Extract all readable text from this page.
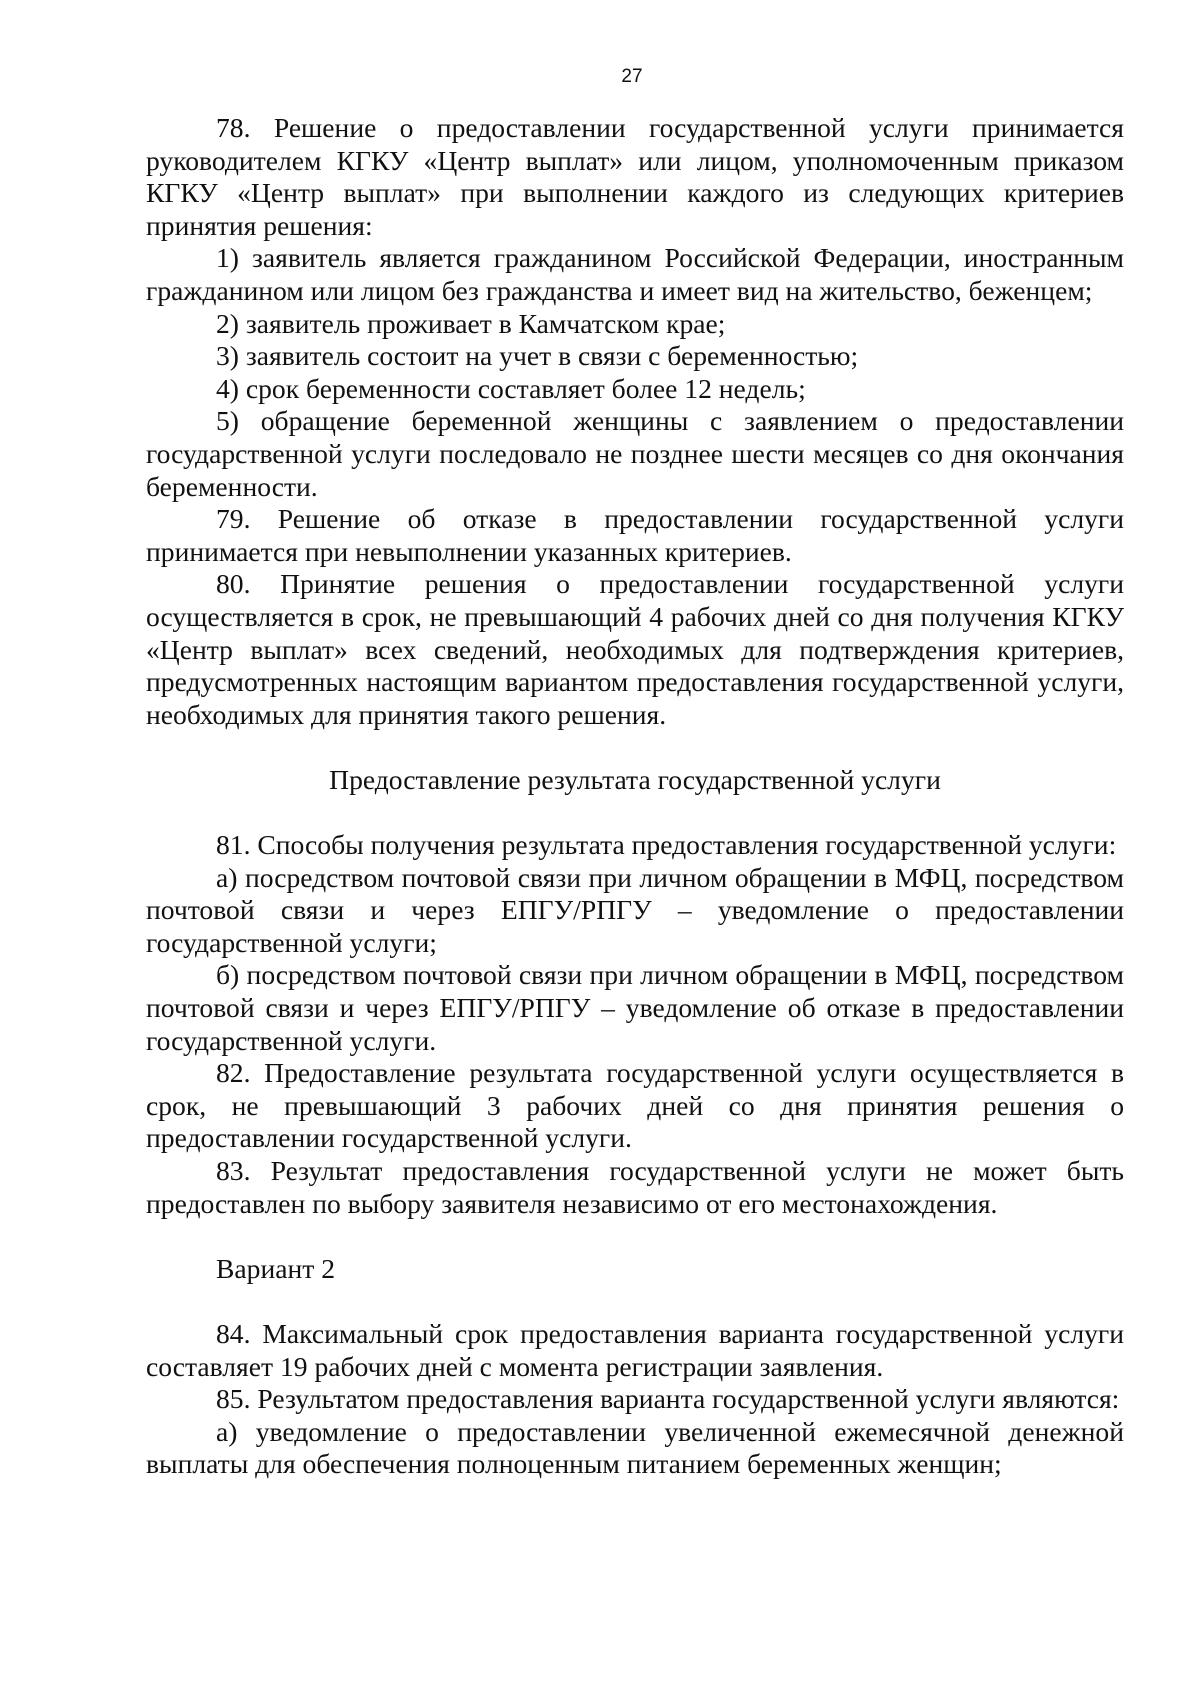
27

78. Решение о предоставлении государственной услуги принимается руководителем КГКУ «Центр выплат» или лицом, уполномоченным приказом КГКУ «Центр выплат» при выполнении каждого из следующих критериев принятия решения:

1) заявитель является гражданином Российской Федерации, иностранным гражданином или лицом без гражданства и имеет вид на жительство, беженцем;

2) заявитель проживает в Камчатском крае;

3) заявитель состоит на учет в связи с беременностью;

4) срок беременности составляет более 12 недель;

5) обращение беременной женщины с заявлением о предоставлении государственной услуги последовало не позднее шести месяцев со дня окончания беременности.

79. Решение об отказе в предоставлении государственной услуги принимается при невыполнении указанных критериев.

80. Принятие решения о предоставлении государственной услуги осуществляется в срок, не превышающий 4 рабочих дней со дня получения КГКУ «Центр выплат» всех сведений, необходимых для подтверждения критериев, предусмотренных настоящим вариантом предоставления государственной услуги, необходимых для принятия такого решения.

Предоставление результата государственной услуги

81. Способы получения результата предоставления государственной услуги:

а) посредством почтовой связи при личном обращении в МФЦ, посредством почтовой связи и через ЕПГУ/РПГУ – уведомление о предоставлении государственной услуги;

б) посредством почтовой связи при личном обращении в МФЦ, посредством почтовой связи и через ЕПГУ/РПГУ – уведомление об отказе в предоставлении государственной услуги.

82. Предоставление результата государственной услуги осуществляется в срок, не превышающий 3 рабочих дней со дня принятия решения о предоставлении государственной услуги.

83. Результат предоставления государственной услуги не может быть предоставлен по выбору заявителя независимо от его местонахождения.

Вариант 2

84. Максимальный срок предоставления варианта государственной услуги составляет 19 рабочих дней с момента регистрации заявления.

85. Результатом предоставления варианта государственной услуги являются:

а) уведомление о предоставлении увеличенной ежемесячной денежной выплаты для обеспечения полноценным питанием беременных женщин;
